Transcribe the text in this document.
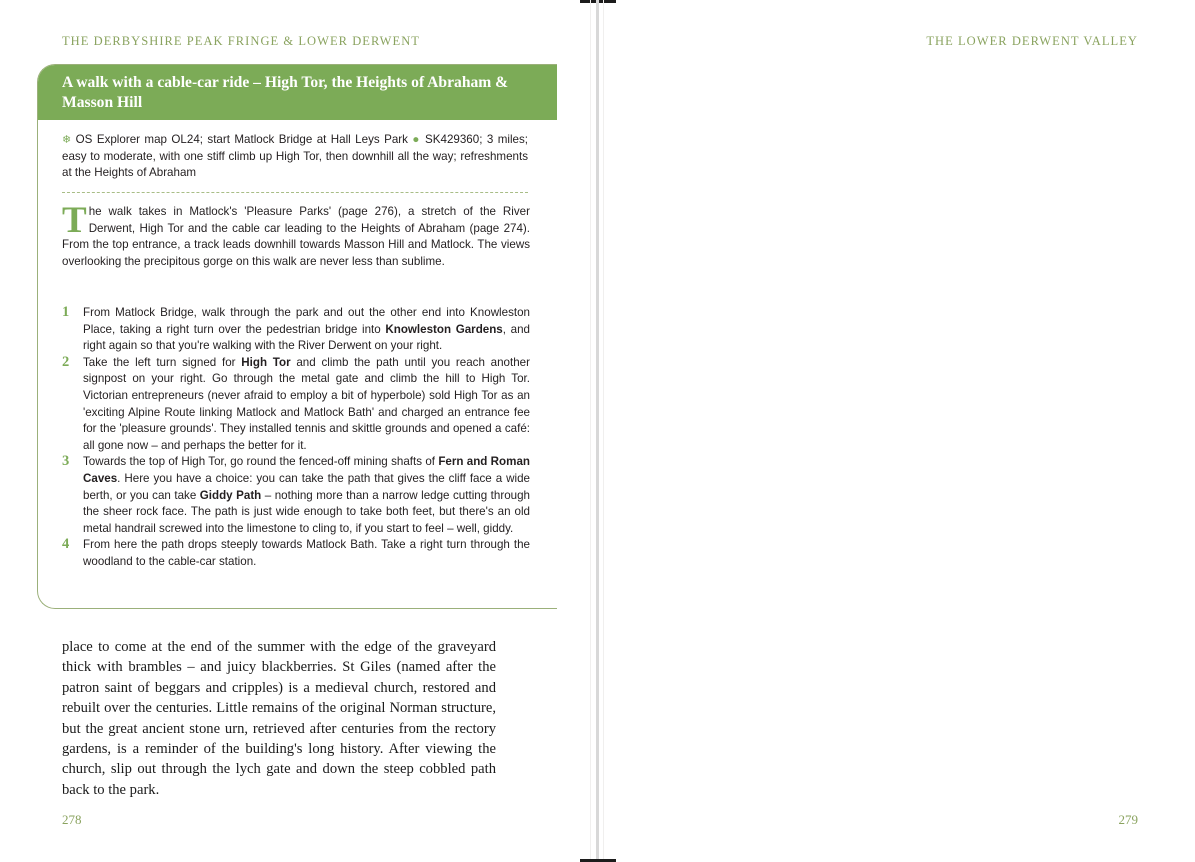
THE DERBYSHIRE PEAK FRINGE & LOWER DERWENT
A walk with a cable-car ride – High Tor, the Heights of Abraham & Masson Hill
❄ OS Explorer map OL24; start Matlock Bridge at Hall Leys Park ● SK429360; 3 miles; easy to moderate, with one stiff climb up High Tor, then downhill all the way; refreshments at the Heights of Abraham
The walk takes in Matlock's 'Pleasure Parks' (page 276), a stretch of the River Derwent, High Tor and the cable car leading to the Heights of Abraham (page 274). From the top entrance, a track leads downhill towards Masson Hill and Matlock. The views overlooking the precipitous gorge on this walk are never less than sublime.
1 From Matlock Bridge, walk through the park and out the other end into Knowleston Place, taking a right turn over the pedestrian bridge into Knowleston Gardens, and right again so that you're walking with the River Derwent on your right.
2 Take the left turn signed for High Tor and climb the path until you reach another signpost on your right. Go through the metal gate and climb the hill to High Tor. Victorian entrepreneurs (never afraid to employ a bit of hyperbole) sold High Tor as an 'exciting Alpine Route linking Matlock and Matlock Bath' and charged an entrance fee for the 'pleasure grounds'. They installed tennis and skittle grounds and opened a café: all gone now – and perhaps the better for it.
3 Towards the top of High Tor, go round the fenced-off mining shafts of Fern and Roman Caves. Here you have a choice: you can take the path that gives the cliff face a wide berth, or you can take Giddy Path – nothing more than a narrow ledge cutting through the sheer rock face. The path is just wide enough to take both feet, but there's an old metal handrail screwed into the limestone to cling to, if you start to feel – well, giddy.
4 From here the path drops steeply towards Matlock Bath. Take a right turn through the woodland to the cable-car station.

place to come at the end of the summer with the edge of the graveyard thick with brambles – and juicy blackberries. St Giles (named after the patron saint of beggars and cripples) is a medieval church, restored and rebuilt over the centuries. Little remains of the original Norman structure, but the great ancient stone urn, retrieved after centuries from the rectory gardens, is a reminder of the building's long history. After viewing the church, slip out through the lych gate and down the steep cobbled path back to the park.

278
THE LOWER DERWENT VALLEY

279
